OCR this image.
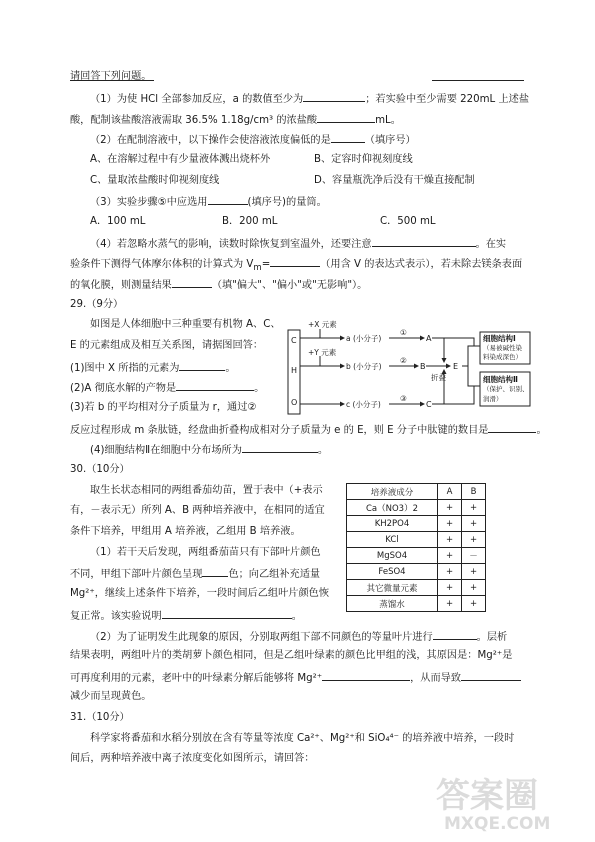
请回答下列问题。
（1）为使 HCl 全部参加反应，a 的数值至少为	；若实验中至少需要 220mL 上述盐
酸，配制该盐酸溶液需取 36.5% 1.18g/cm³ 的浓盐酸	mL。
（2）在配制溶液中，以下操作会使溶液浓度偏低的是	（填序号）
A、在溶解过程中有少量液体溅出烧杯外	B、定容时仰视刻度线
C、量取浓盐酸时仰视刻度线	D、容量瓶洗净后没有干燥直接配制
（3）实验步骤⑤中应选用	(填序号)的量筒。
A．100 mL	B．200 mL	C．500 mL
（4）若忽略水蒸气的影响，读数时除恢复到室温外，还要注意	。在实
验条件下测得气体摩尔体积的计算式为 $V_m=$	（用含 V 的表达式表示），若未除去镁条表面
的氧化膜，则测量结果	（填"偏大"、"偏小"或"无影响"）。
29.（9分）
如图是人体细胞中三种重要有机物 A、C、
E 的元素组成及相互关系图，请据图回答：
(1)图中 X 所指的元素为	。
(2)A 彻底水解的产物是	。
(3)若 b 的平均相对分子质量为 r，通过②
反应过程形成 m 条肽链，经盘曲折叠构成相对分子质量为 e 的 E，则 E 分子中肽键的数目是	。
(4)细胞结构Ⅱ在细胞中分布场所为	。
C
H
O
+X 元素
+Y 元素
a (小分子)
b (小分子)
c (小分子)
①
②
③
A
B
C
E
折叠
细胞结构Ⅰ
（易被碱性染
料染成深色）
细胞结构Ⅱ
（保护、识别、
润滑）
30.（10分）
取生长状态相同的两组番茄幼苗，置于表中（+表示
有，－表示无）所列 A、B 两种培养液中，在相同的适宜
条件下培养，甲组用 A 培养液，乙组用 B 培养液。
（1）若干天后发现，两组番茄苗只有下部叶片颜色
不同，甲组下部叶片颜色呈现	色；向乙组补充适量
Mg²⁺，继续上述条件下培养，一段时间后乙组叶片颜色恢
复正常。该实验说明	。
（2）为了证明发生此现象的原因，分别取两组下部不同颜色的等量叶片进行	。层析
结果表明，两组叶片的类胡萝卜颜色相同，但是乙组叶绿素的颜色比甲组的浅，其原因是：Mg²⁺是
可再度利用的元素，老叶中的叶绿素分解后能够将 Mg²⁺	，从而导致
减少而呈现黄色。
培养液成分	A	B
Ca（NO3）2	+	+
KH2PO4	+	+
KCl	+	+
MgSO4	+	－
FeSO4	+	+
其它微量元素	+	+
蒸馏水	+	+
31.（10分）
科学家将番茄和水稻分别放在含有等量等浓度 Ca²⁺、Mg²⁺和 SiO₄⁴⁻ 的培养液中培养，一段时
间后，两种培养液中离子浓度变化如图所示，请回答：
答案圈
MXQE.COM
